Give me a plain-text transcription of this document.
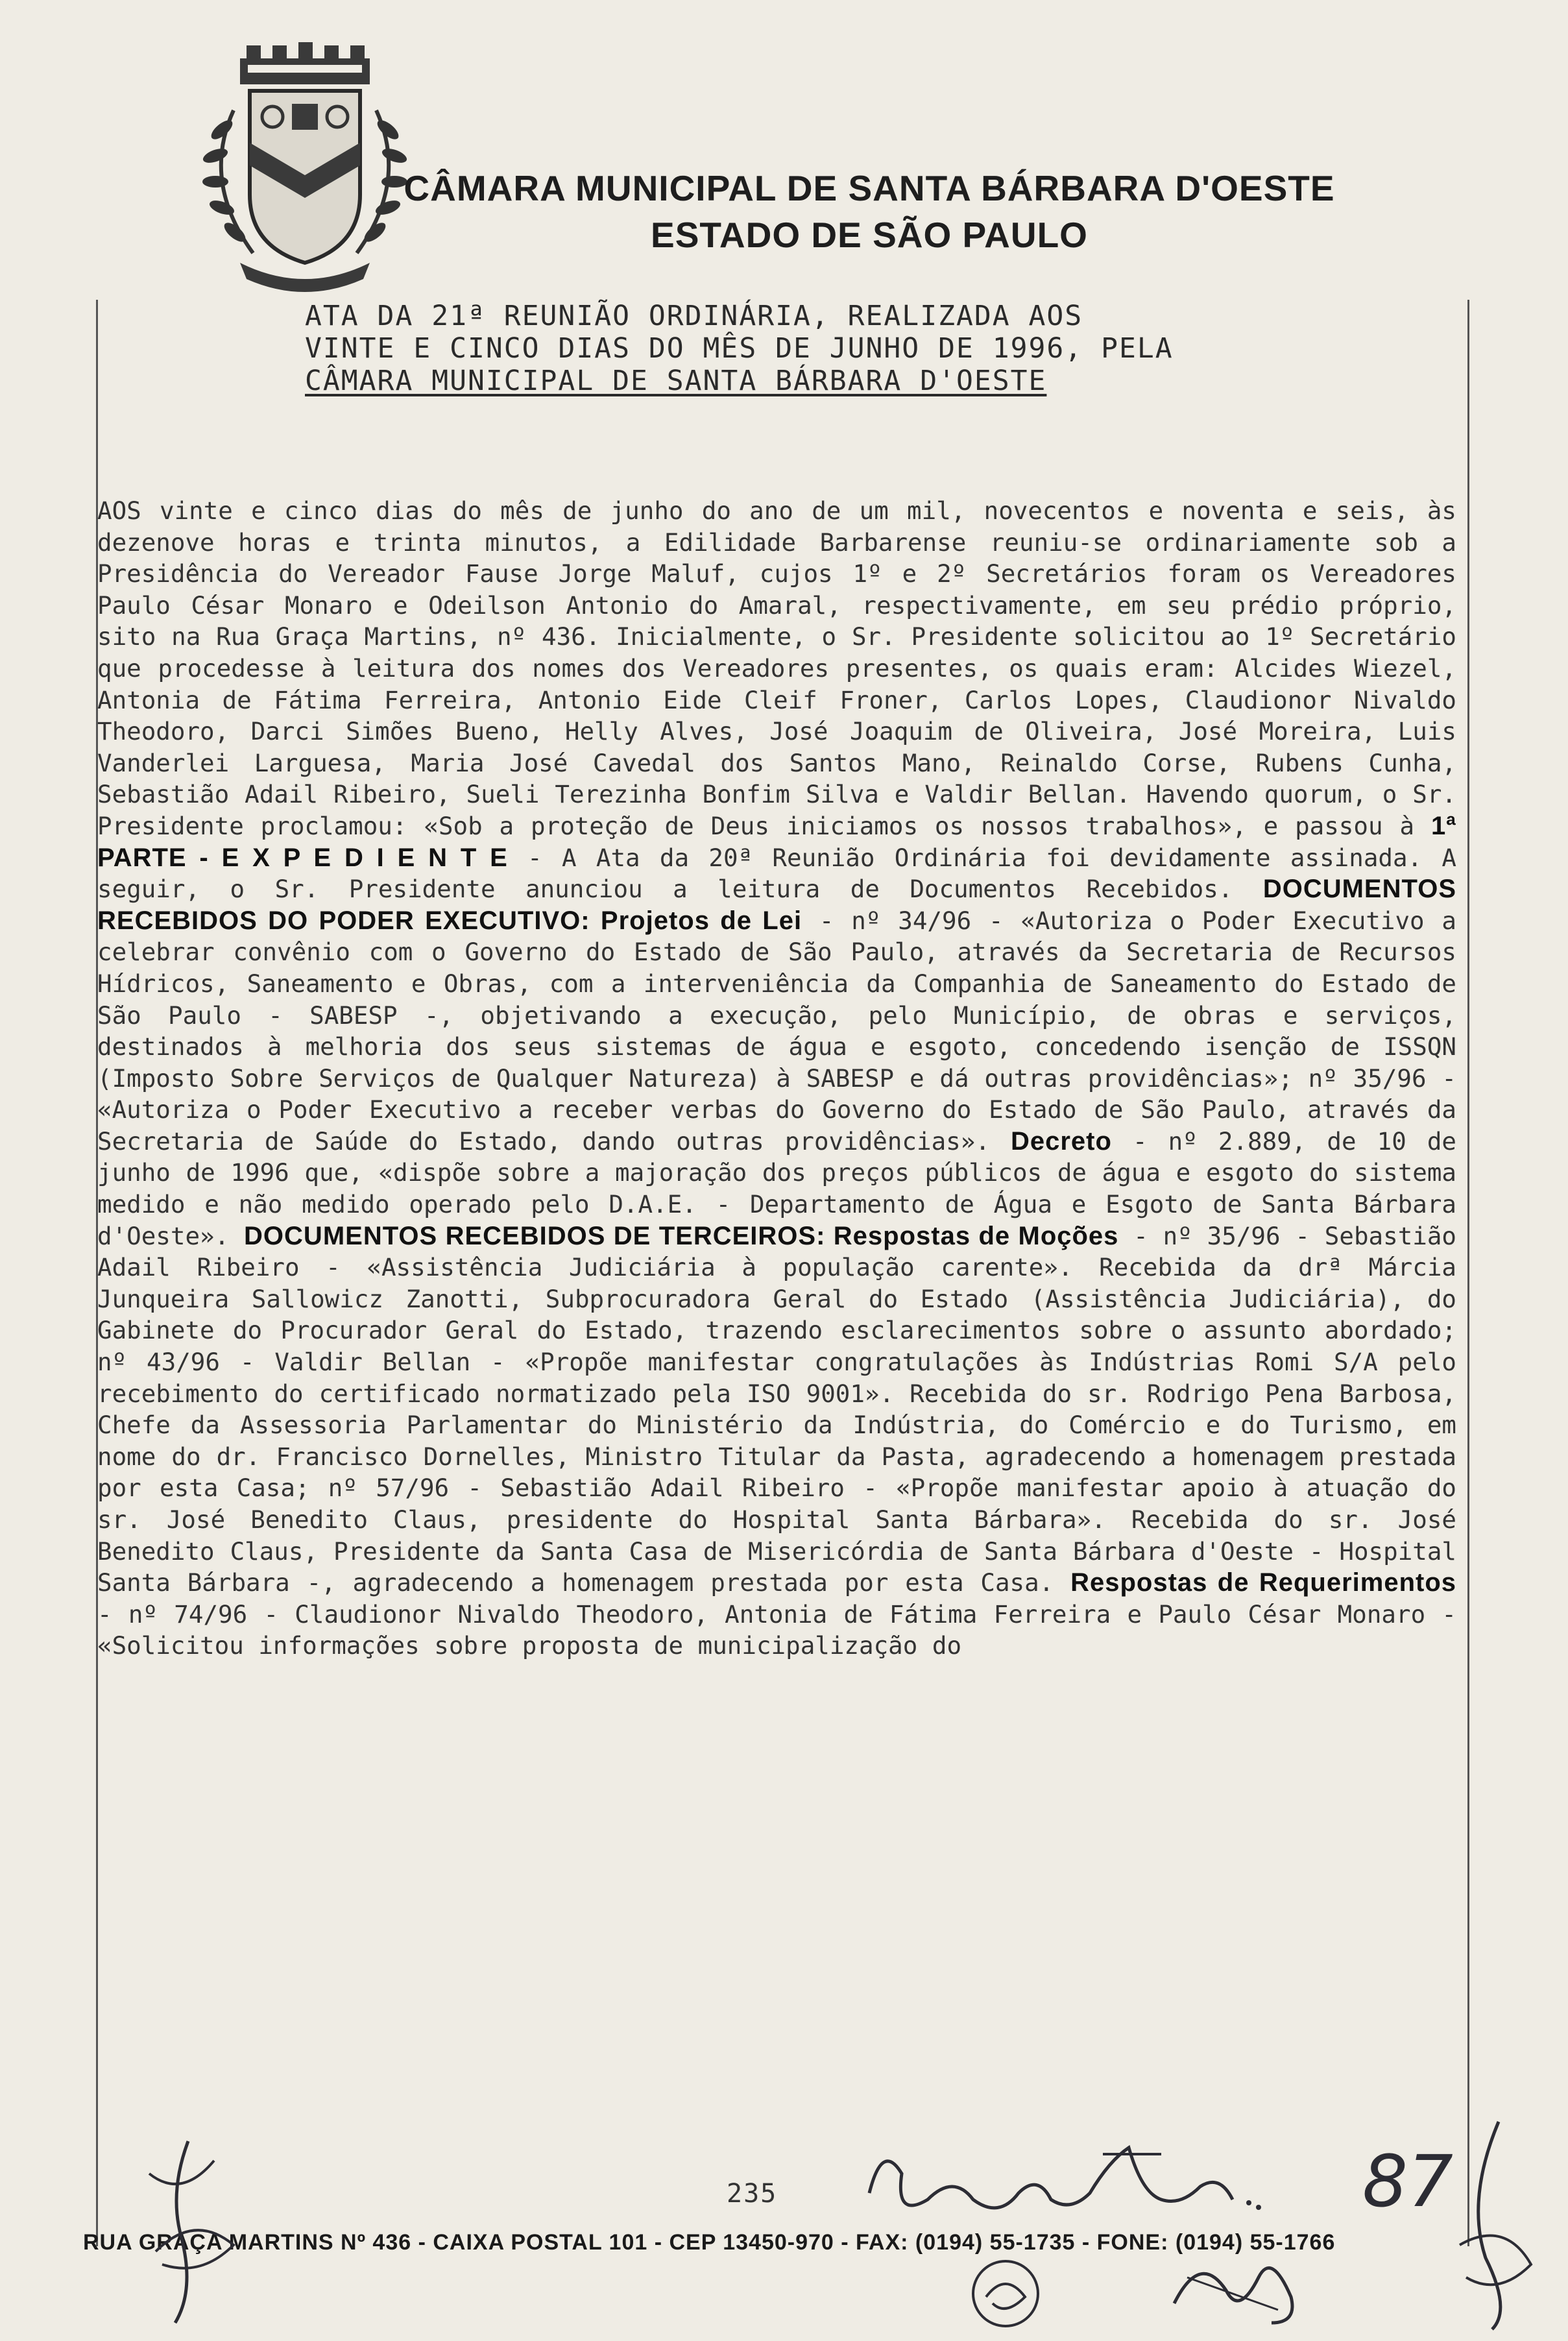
CÂMARA MUNICIPAL DE SANTA BÁRBARA D'OESTE
ESTADO DE SÃO PAULO
ATA DA 21ª REUNIÃO ORDINÁRIA, REALIZADA AOS
VINTE E CINCO DIAS DO MÊS DE JUNHO DE 1996, PELA
CÂMARA MUNICIPAL DE SANTA BÁRBARA D'OESTE

AOS vinte e cinco dias do mês de junho do ano de um mil, novecentos e noventa e seis, às dezenove horas e trinta minutos, a Edilidade Barbarense reuniu-se ordinariamente sob a Presidência do Vereador Fause Jorge Maluf, cujos 1º e 2º Secretários foram os Vereadores Paulo César Monaro e Odeilson Antonio do Amaral, respectivamente, em seu prédio próprio, sito na Rua Graça Martins, nº 436. Inicialmente, o Sr. Presidente solicitou ao 1º Secretário que procedesse à leitura dos nomes dos Vereadores presentes, os quais eram: Alcides Wiezel, Antonia de Fátima Ferreira, Antonio Eide Cleif Froner, Carlos Lopes, Claudionor Nivaldo Theodoro, Darci Simões Bueno, Helly Alves, José Joaquim de Oliveira, José Moreira, Luis Vanderlei Larguesa, Maria José Cavedal dos Santos Mano, Reinaldo Corse, Rubens Cunha, Sebastião Adail Ribeiro, Sueli Terezinha Bonfim Silva e Valdir Bellan. Havendo quorum, o Sr. Presidente proclamou: «Sob a proteção de Deus iniciamos os nossos trabalhos», e passou à 1ª PARTE - E X P E D I E N T E - A Ata da 20ª Reunião Ordinária foi devidamente assinada. A seguir, o Sr. Presidente anunciou a leitura de Documentos Recebidos. DOCUMENTOS RECEBIDOS DO PODER EXECUTIVO: Projetos de Lei - nº 34/96 - «Autoriza o Poder Executivo a celebrar convênio com o Governo do Estado de São Paulo, através da Secretaria de Recursos Hídricos, Saneamento e Obras, com a interveniência da Companhia de Saneamento do Estado de São Paulo - SABESP -, objetivando a execução, pelo Município, de obras e serviços, destinados à melhoria dos seus sistemas de água e esgoto, concedendo isenção de ISSQN (Imposto Sobre Serviços de Qualquer Natureza) à SABESP e dá outras providências»; nº 35/96 - «Autoriza o Poder Executivo a receber verbas do Governo do Estado de São Paulo, através da Secretaria de Saúde do Estado, dando outras providências». Decreto - nº 2.889, de 10 de junho de 1996 que, «dispõe sobre a majoração dos preços públicos de água e esgoto do sistema medido e não medido operado pelo D.A.E. - Departamento de Água e Esgoto de Santa Bárbara d'Oeste». DOCUMENTOS RECEBIDOS DE TERCEIROS: Respostas de Moções - nº 35/96 - Sebastião Adail Ribeiro - «Assistência Judiciária à população carente». Recebida da drª Márcia Junqueira Sallowicz Zanotti, Subprocuradora Geral do Estado (Assistência Judiciária), do Gabinete do Procurador Geral do Estado, trazendo esclarecimentos sobre o assunto abordado; nº 43/96 - Valdir Bellan - «Propõe manifestar congratulações às Indústrias Romi S/A pelo recebimento do certificado normatizado pela ISO 9001». Recebida do sr. Rodrigo Pena Barbosa, Chefe da Assessoria Parlamentar do Ministério da Indústria, do Comércio e do Turismo, em nome do dr. Francisco Dornelles, Ministro Titular da Pasta, agradecendo a homenagem prestada por esta Casa; nº 57/96 - Sebastião Adail Ribeiro - «Propõe manifestar apoio à atuação do sr. José Benedito Claus, presidente do Hospital Santa Bárbara». Recebida do sr. José Benedito Claus, Presidente da Santa Casa de Misericórdia de Santa Bárbara d'Oeste - Hospital Santa Bárbara -, agradecendo a homenagem prestada por esta Casa. Respostas de Requerimentos - nº 74/96 - Claudionor Nivaldo Theodoro, Antonia de Fátima Ferreira e Paulo César Monaro - «Solicitou informações sobre proposta de municipalização do

235

RUA GRAÇA MARTINS Nº 436 - CAIXA POSTAL 101 - CEP 13450-970 - FAX: (0194) 55-1735 - FONE: (0194) 55-1766

87
